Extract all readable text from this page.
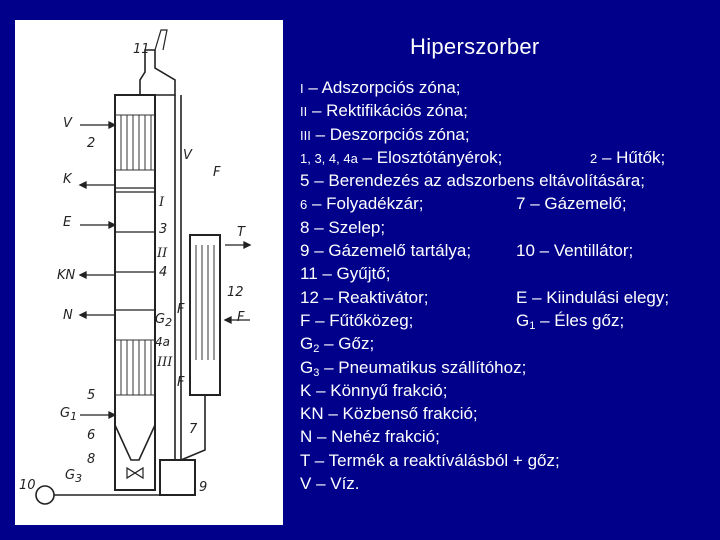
Hiperszorber
11
V
2
K
E
KN
N
5
$G_1$
6
8
$G_3$
10
V
I
F
II
3	T
4
12
$G_2$
F
F
III
4a
F
7
9
I – Adszorpciós zóna;
II – Rektifikációs zóna;
III – Deszorpciós zóna;
1, 3, 4, 4a – Elosztótányérok;	2 – Hűtők;
5 – Berendezés az adszorbens eltávolítására;
6 – Folyadékzár;	7 – Gázemelő;
8 – Szelep;
9 – Gázemelő tartálya;	10 – Ventillátor;
11 – Gyűjtő;
12 – Reaktivátor;	E – Kiindulási elegy;
F – Fűtőközeg;	$G_1$ – Éles gőz;
$G_2$ – Gőz;
$G_3$ – Pneumatikus szállítóhoz;
K – Könnyű frakció;
KN – Közbenső frakció;
N – Nehéz frakció;
T – Termék a reaktíválásból + gőz;
V – Víz.
